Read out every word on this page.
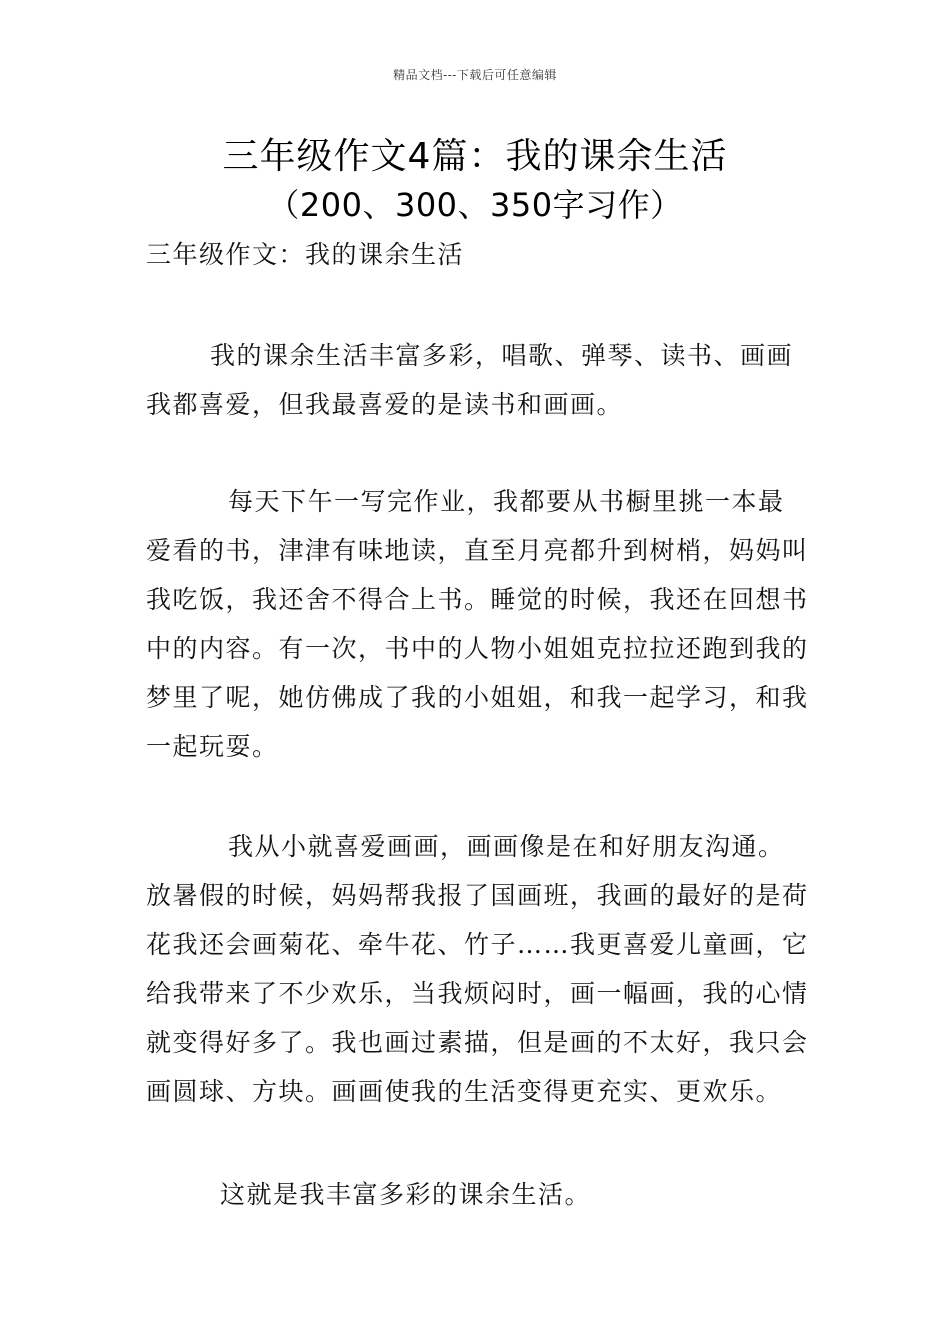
精品文档---下载后可任意编辑
三年级作文4篇：我的课余生活
（200、300、350字习作）
三年级作文：我的课余生活
我的课余生活丰富多彩，唱歌、弹琴、读书、画画我都喜爱，但我最喜爱的是读书和画画。
每天下午一写完作业，我都要从书橱里挑一本最爱看的书，津津有味地读，直至月亮都升到树梢，妈妈叫我吃饭，我还舍不得合上书。睡觉的时候，我还在回想书中的内容。有一次，书中的人物小姐姐克拉拉还跑到我的梦里了呢，她仿佛成了我的小姐姐，和我一起学习，和我一起玩耍。
我从小就喜爱画画，画画像是在和好朋友沟通。放暑假的时候，妈妈帮我报了国画班，我画的最好的是荷花我还会画菊花、牵牛花、竹子……我更喜爱儿童画，它给我带来了不少欢乐，当我烦闷时，画一幅画，我的心情就变得好多了。我也画过素描，但是画的不太好，我只会画圆球、方块。画画使我的生活变得更充实、更欢乐。
这就是我丰富多彩的课余生活。
